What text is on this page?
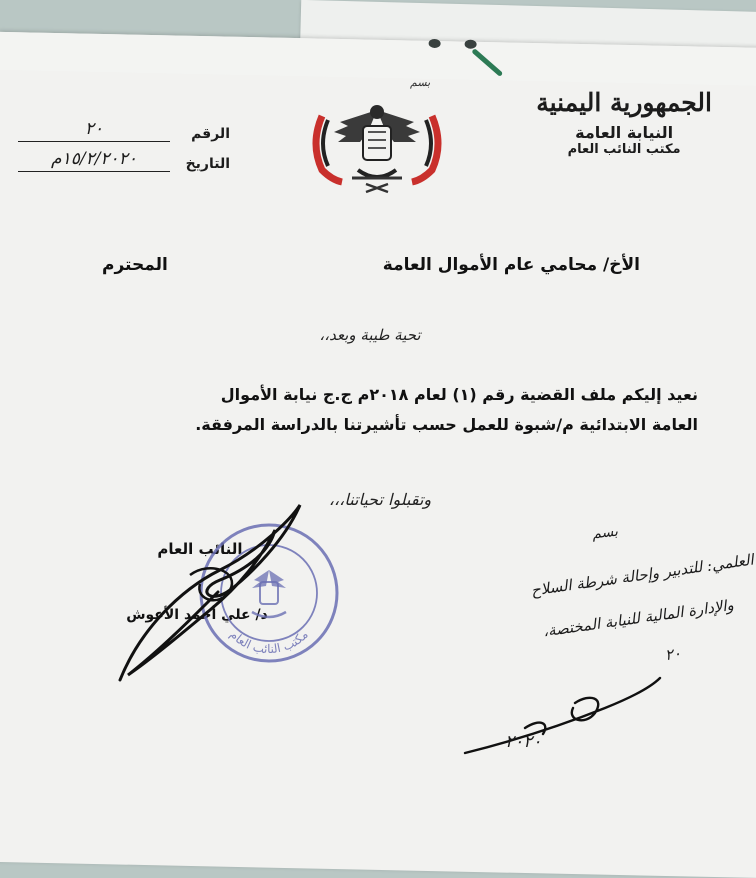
الجمهورية اليمنية
النيابة العامة
مكتب النائب العام
بسم
الرقم
٢٠
التاريخ
١٥/٢/٢٠٢٠م
الأخ/ محامي عام الأموال العامة
المحترم
تحية طيبة وبعد،،
نعيد إليكم ملف القضية رقم (١) لعام ٢٠١٨م ج.ج نيابة الأموال
العامة الابتدائية م/شبوة للعمل حسب تأشيرتنا بالدراسة المرفقة.
وتقبلوا تحياتنا،،،
النائب العام
د/ علي أحمد الأعوش
مكتب النائب العام
بسم
العلمي: للتدبير وإحالة شرطة السلاح
والإدارة المالية للنيابة المختصة،
٢٠
٢٠٢٠
